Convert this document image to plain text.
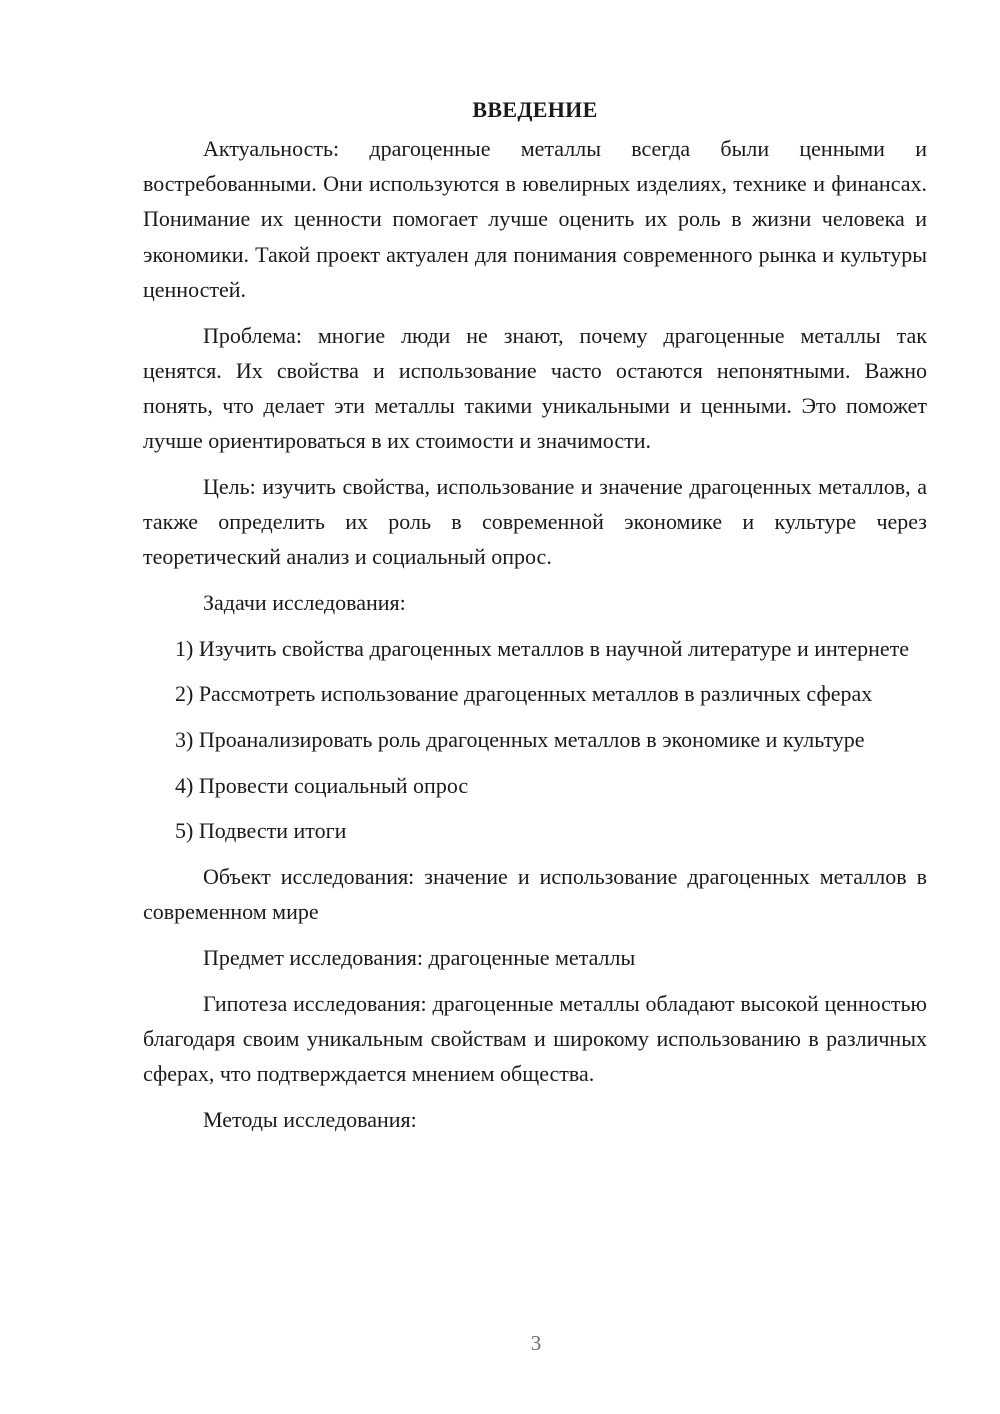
ВВЕДЕНИЕ

Актуальность: драгоценные металлы всегда были ценными и востребованными. Они используются в ювелирных изделиях, технике и финансах. Понимание их ценности помогает лучше оценить их роль в жизни человека и экономики. Такой проект актуален для понимания современного рынка и культуры ценностей.

Проблема: многие люди не знают, почему драгоценные металлы так ценятся. Их свойства и использование часто остаются непонятными. Важно понять, что делает эти металлы такими уникальными и ценными. Это поможет лучше ориентироваться в их стоимости и значимости.

Цель: изучить свойства, использование и значение драгоценных металлов, а также определить их роль в современной экономике и культуре через теоретический анализ и социальный опрос.

Задачи исследования:

1) Изучить свойства драгоценных металлов в научной литературе и интернете

2) Рассмотреть использование драгоценных металлов в различных сферах

3) Проанализировать роль драгоценных металлов в экономике и культуре

4) Провести социальный опрос

5) Подвести итоги

Объект исследования: значение и использование драгоценных металлов в современном мире

Предмет исследования: драгоценные металлы

Гипотеза исследования: драгоценные металлы обладают высокой ценностью благодаря своим уникальным свойствам и широкому использованию в различных сферах, что подтверждается мнением общества.

Методы исследования:

3
